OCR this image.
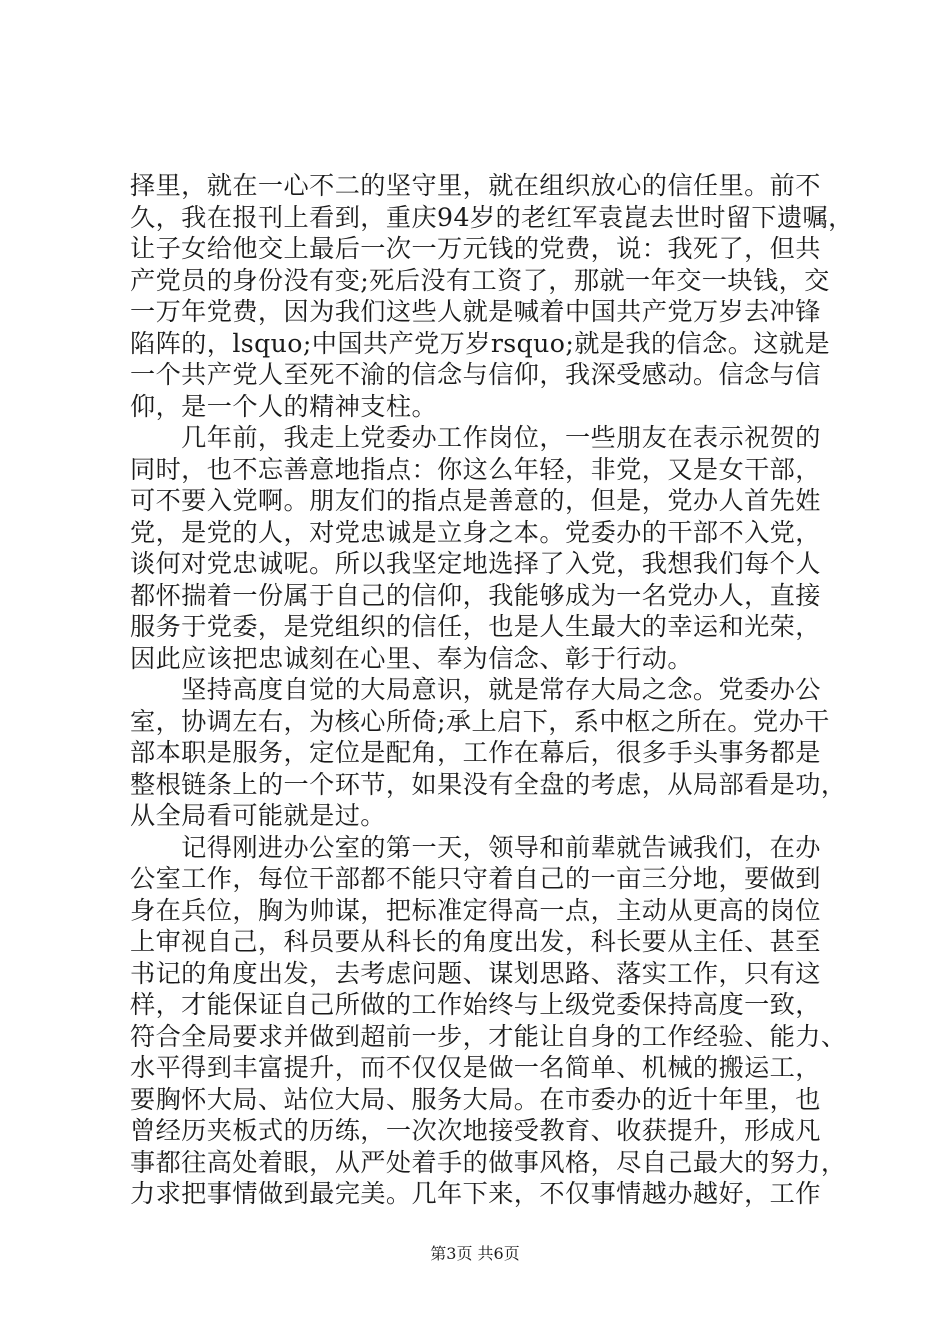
择里，就在一心不二的坚守里，就在组织放心的信任里。前不
久，我在报刊上看到，重庆94岁的老红军袁崑去世时留下遗嘱，
让子女给他交上最后一次一万元钱的党费，说：我死了，但共
产党员的身份没有变;死后没有工资了，那就一年交一块钱，交
一万年党费，因为我们这些人就是喊着中国共产党万岁去冲锋
陷阵的，lsquo;中国共产党万岁rsquo;就是我的信念。这就是
一个共产党人至死不渝的信念与信仰，我深受感动。信念与信
仰，是一个人的精神支柱。
　　几年前，我走上党委办工作岗位，一些朋友在表示祝贺的
同时，也不忘善意地指点：你这么年轻，非党，又是女干部，
可不要入党啊。朋友们的指点是善意的，但是，党办人首先姓
党，是党的人，对党忠诚是立身之本。党委办的干部不入党，
谈何对党忠诚呢。所以我坚定地选择了入党，我想我们每个人
都怀揣着一份属于自己的信仰，我能够成为一名党办人，直接
服务于党委，是党组织的信任，也是人生最大的幸运和光荣，
因此应该把忠诚刻在心里、奉为信念、彰于行动。
　　坚持高度自觉的大局意识，就是常存大局之念。党委办公
室，协调左右，为核心所倚;承上启下，系中枢之所在。党办干
部本职是服务，定位是配角，工作在幕后，很多手头事务都是
整根链条上的一个环节，如果没有全盘的考虑，从局部看是功，
从全局看可能就是过。
　　记得刚进办公室的第一天，领导和前辈就告诫我们，在办
公室工作，每位干部都不能只守着自己的一亩三分地，要做到
身在兵位，胸为帅谋，把标准定得高一点，主动从更高的岗位
上审视自己，科员要从科长的角度出发，科长要从主任、甚至
书记的角度出发，去考虑问题、谋划思路、落实工作，只有这
样，才能保证自己所做的工作始终与上级党委保持高度一致，
符合全局要求并做到超前一步，才能让自身的工作经验、能力、
水平得到丰富提升，而不仅仅是做一名简单、机械的搬运工，
要胸怀大局、站位大局、服务大局。在市委办的近十年里，也
曾经历夹板式的历练，一次次地接受教育、收获提升，形成凡
事都往高处着眼，从严处着手的做事风格，尽自己最大的努力，
力求把事情做到最完美。几年下来，不仅事情越办越好，工作
第3页 共6页
